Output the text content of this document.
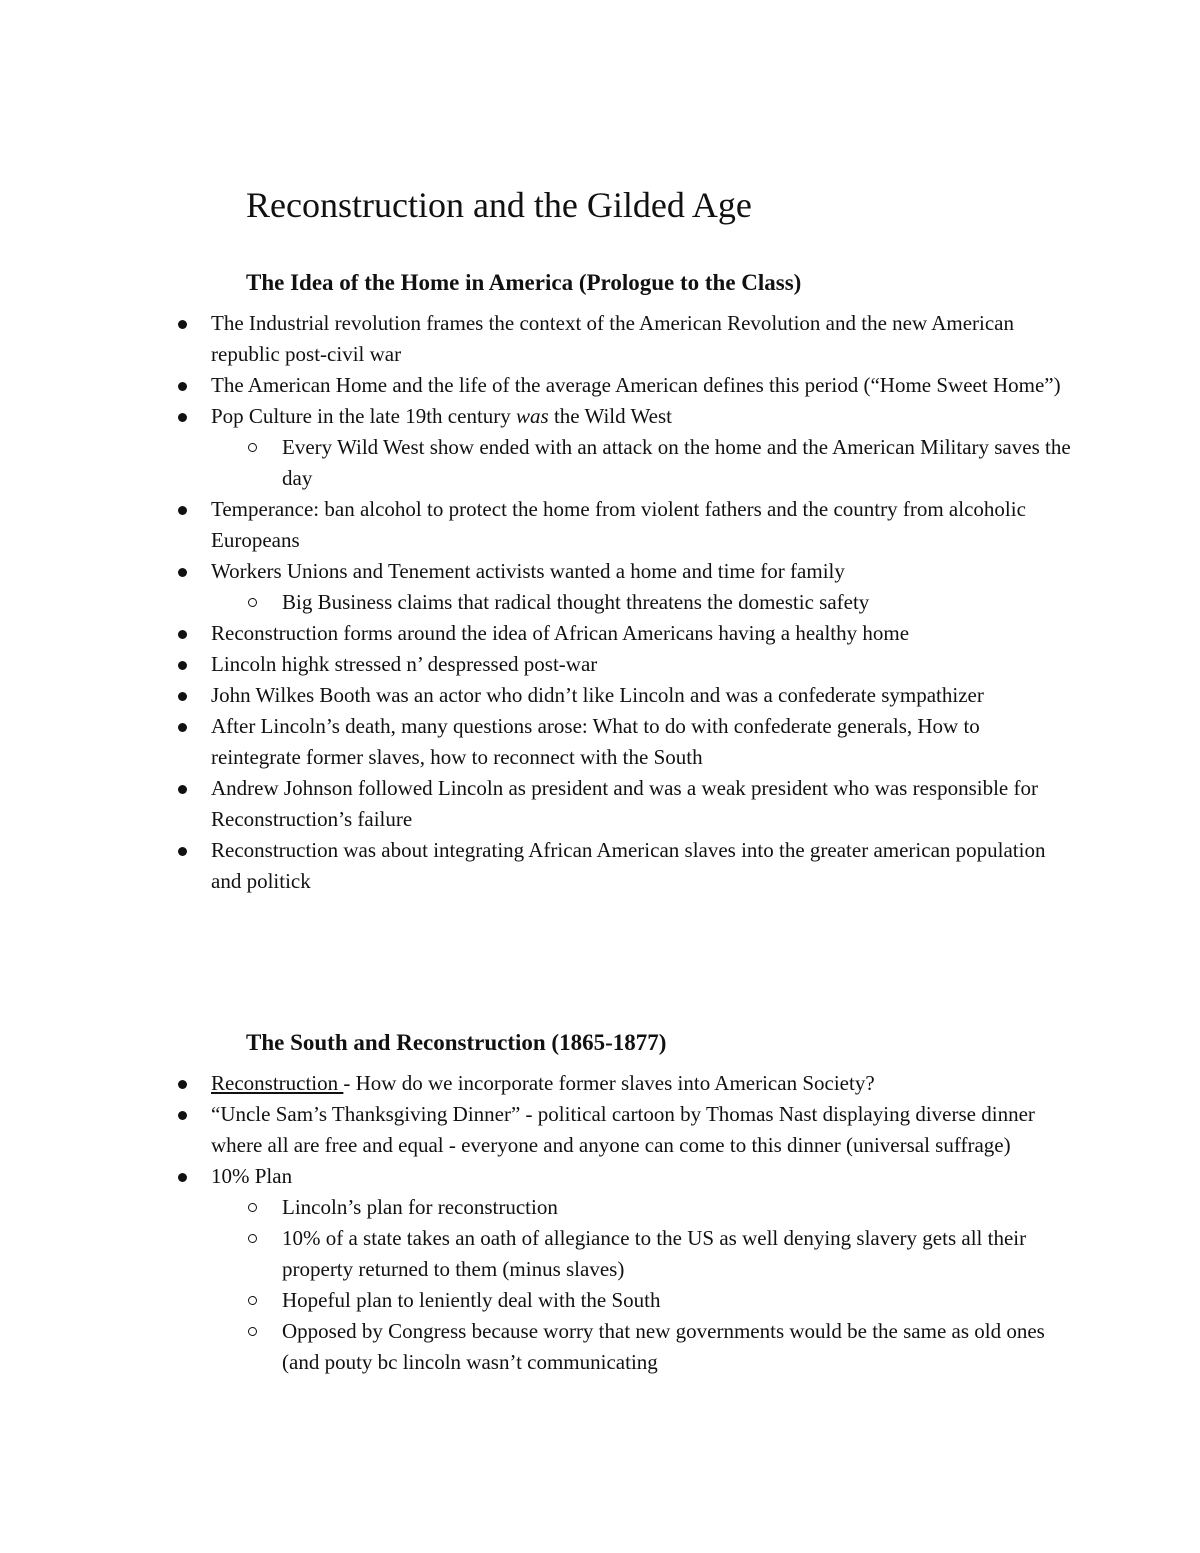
Reconstruction and the Gilded Age
The Idea of the Home in America (Prologue to the Class)
The Industrial revolution frames the context of the American Revolution and the new American republic post-civil war
The American Home and the life of the average American defines this period (“Home Sweet Home”)
Pop Culture in the late 19th century was the Wild West
Every Wild West show ended with an attack on the home and the American Military saves the day
Temperance: ban alcohol to protect the home from violent fathers and the country from alcoholic Europeans
Workers Unions and Tenement activists wanted a home and time for family
Big Business claims that radical thought threatens the domestic safety
Reconstruction forms around the idea of African Americans having a healthy home
Lincoln highk stressed n’ despressed post-war
John Wilkes Booth was an actor who didn’t like Lincoln and was a confederate sympathizer
After Lincoln’s death, many questions arose: What to do with confederate generals, How to reintegrate former slaves, how to reconnect with the South
Andrew Johnson followed Lincoln as president and was a weak president who was responsible for Reconstruction’s failure
Reconstruction was about integrating African American slaves into the greater american population and politick
The South and Reconstruction (1865-1877)
Reconstruction - How do we incorporate former slaves into American Society?
“Uncle Sam’s Thanksgiving Dinner” - political cartoon by Thomas Nast displaying diverse dinner where all are free and equal - everyone and anyone can come to this dinner (universal suffrage)
10% Plan
Lincoln’s plan for reconstruction
10% of a state takes an oath of allegiance to the US as well denying slavery gets all their property returned to them (minus slaves)
Hopeful plan to leniently deal with the South
Opposed by Congress because worry that new governments would be the same as old ones (and pouty bc lincoln wasn’t communicating
